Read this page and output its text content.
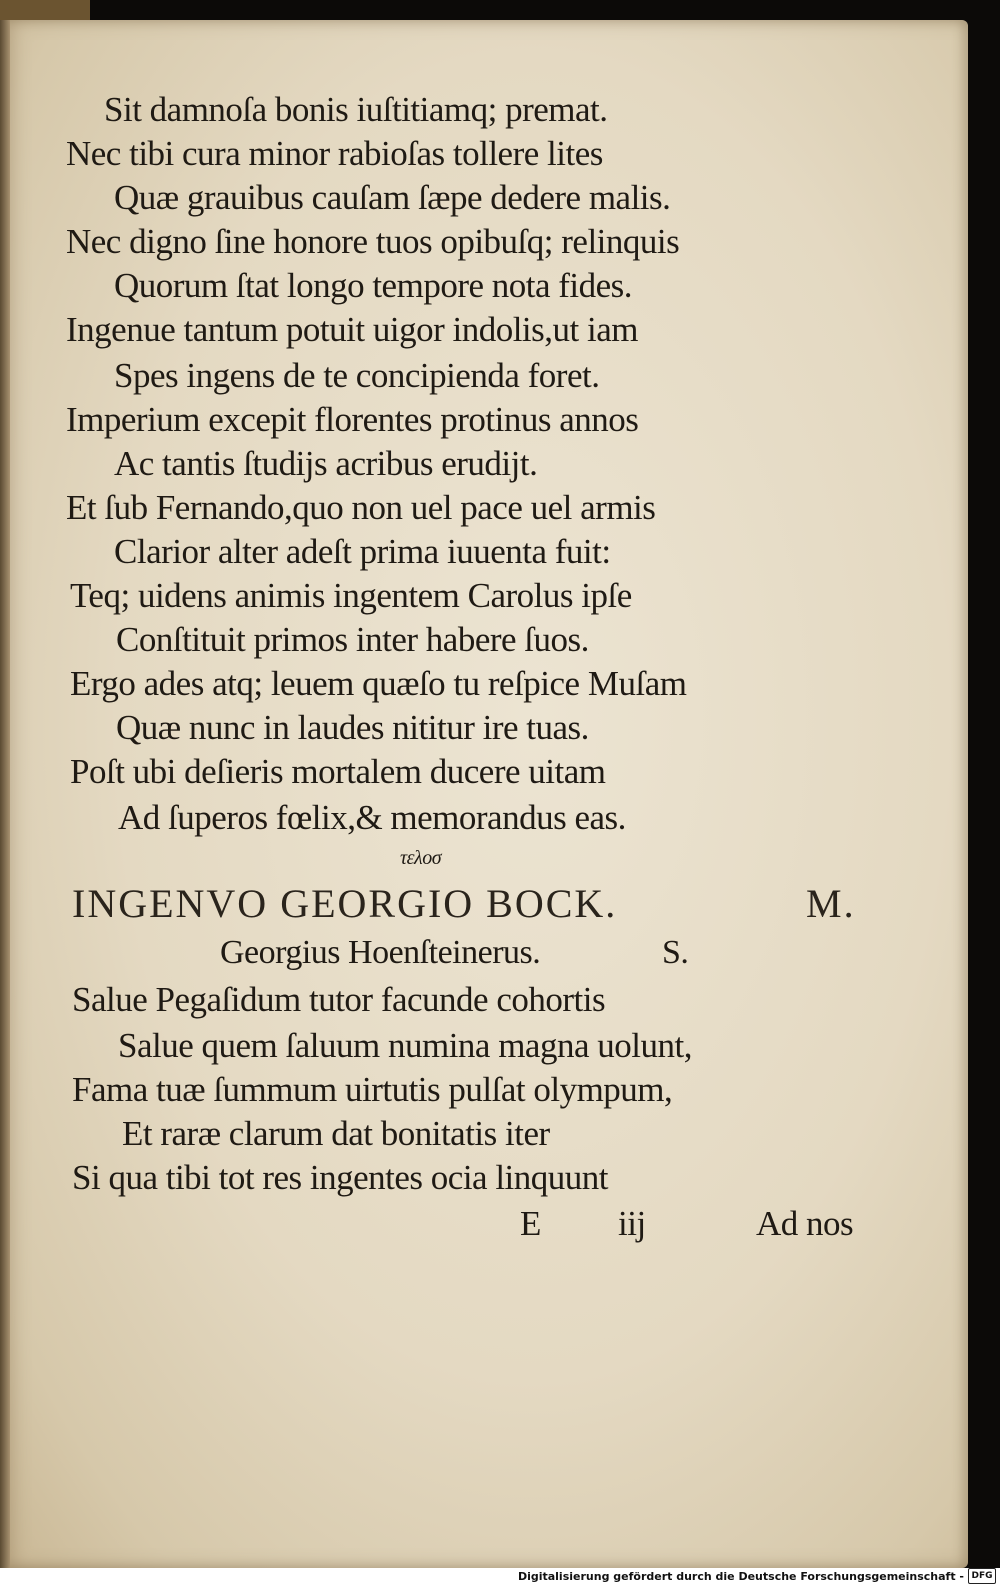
Sit damnoſa bonis iuſtitiamq; premat.

Nec tibi cura minor rabioſas tollere lites

Quæ grauibus cauſam ſæpe dedere malis.

Nec digno ſine honore tuos opibuſq; relinquis

Quorum ſtat longo tempore nota fides.

Ingenue tantum potuit uigor indolis,ut iam

Spes ingens de te concipienda foret.

Imperium excepit florentes protinus annos

Ac tantis ſtudijs acribus erudijt.

Et ſub Fernando,quo non uel pace uel armis

Clarior alter adeſt prima iuuenta fuit:

Teq; uidens animis ingentem Carolus ipſe

Conſtituit primos inter habere ſuos.

Ergo ades atq; leuem quæſo tu reſpice Muſam

Quæ nunc in laudes nititur ire tuas.

Poſt ubi deſieris mortalem ducere uitam

Ad ſuperos fœlix,& memorandus eas.

τελοσ

INGENVO GEORGIO BOCK.	M.

Georgius Hoenſteinerus.	S.

Salue Pegaſidum tutor facunde cohortis

Salue quem ſaluum numina magna uolunt,

Fama tuæ ſummum uirtutis pulſat olympum,

Et raræ clarum dat bonitatis iter

Si qua tibi tot res ingentes ocia linquunt

E iij	Ad nos

Digitalisierung gefördert durch die Deutsche Forschungsgemeinschaft - DFG
